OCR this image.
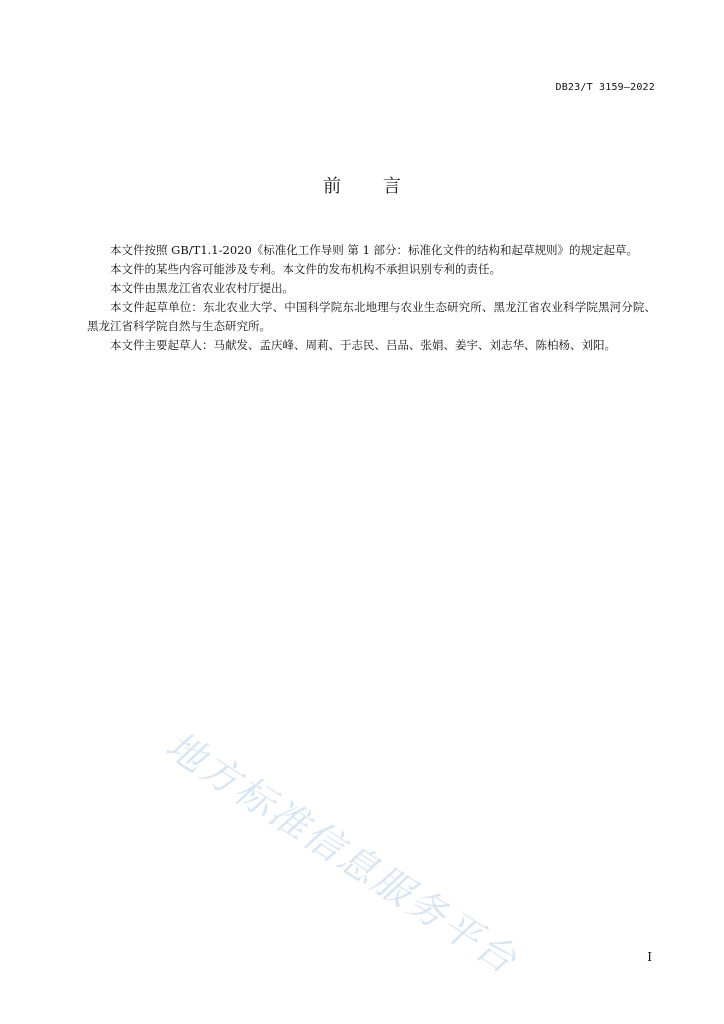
DB23/T 3159—2022
前 言

本文件按照 GB/T1.1-2020《标准化工作导则 第 1 部分：标准化文件的结构和起草规则》的规定起草。

本文件的某些内容可能涉及专利。本文件的发布机构不承担识别专利的责任。

本文件由黑龙江省农业农村厅提出。

本文件起草单位：东北农业大学、中国科学院东北地理与农业生态研究所、黑龙江省农业科学院黑河分院、黑龙江省科学院自然与生态研究所。

本文件主要起草人：马献发、孟庆峰、周莉、于志民、吕品、张娟、姜宇、刘志华、陈柏杨、刘阳。

地方标准信息服务平台	I
